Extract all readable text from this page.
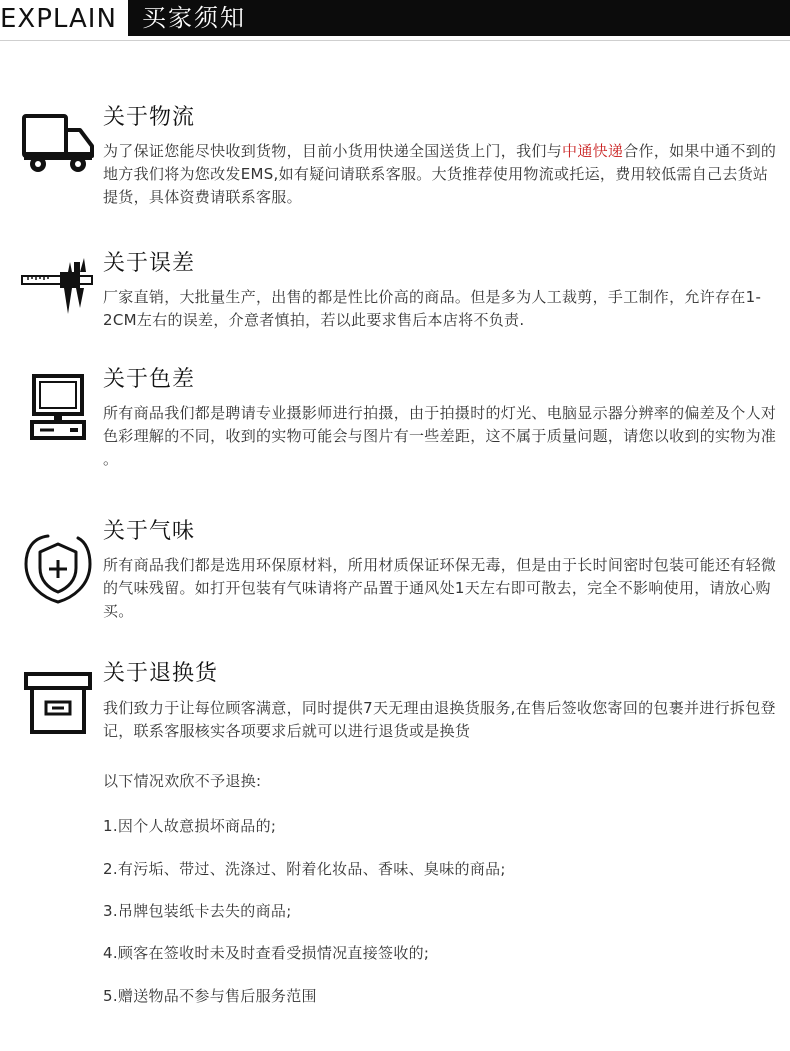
EXPLAIN 买家须知
关于物流

为了保证您能尽快收到货物，目前小货用快递全国送货上门，我们与中通快递合作，如果中通不到的地方我们将为您改发EMS,如有疑问请联系客服。大货推荐使用物流或托运，费用较低需自己去货站提货，具体资费请联系客服。

关于误差

厂家直销，大批量生产，出售的都是性比价高的商品。但是多为人工裁剪，手工制作，允许存在1-2CM左右的误差，介意者慎拍，若以此要求售后本店将不负责.

关于色差

所有商品我们都是聘请专业摄影师进行拍摄，由于拍摄时的灯光、电脑显示器分辨率的偏差及个人对色彩理解的不同，收到的实物可能会与图片有一些差距，这不属于质量问题，请您以收到的实物为准 。

关于气味

所有商品我们都是选用环保原材料，所用材质保证环保无毒，但是由于长时间密时包装可能还有轻微的气味残留。如打开包装有气味请将产品置于通风处1天左右即可散去，完全不影响使用，请放心购买。

关于退换货

我们致力于让每位顾客满意，同时提供7天无理由退换货服务,在售后签收您寄回的包裹并进行拆包登记，联系客服核实各项要求后就可以进行退货或是换货

以下情况欢欣不予退换:
1.因个人故意损坏商品的;
2.有污垢、带过、洗涤过、附着化妆品、香味、臭味的商品;
3.吊牌包装纸卡去失的商品;
4.顾客在签收时未及时查看受损情况直接签收的;
5.赠送物品不参与售后服务范围
